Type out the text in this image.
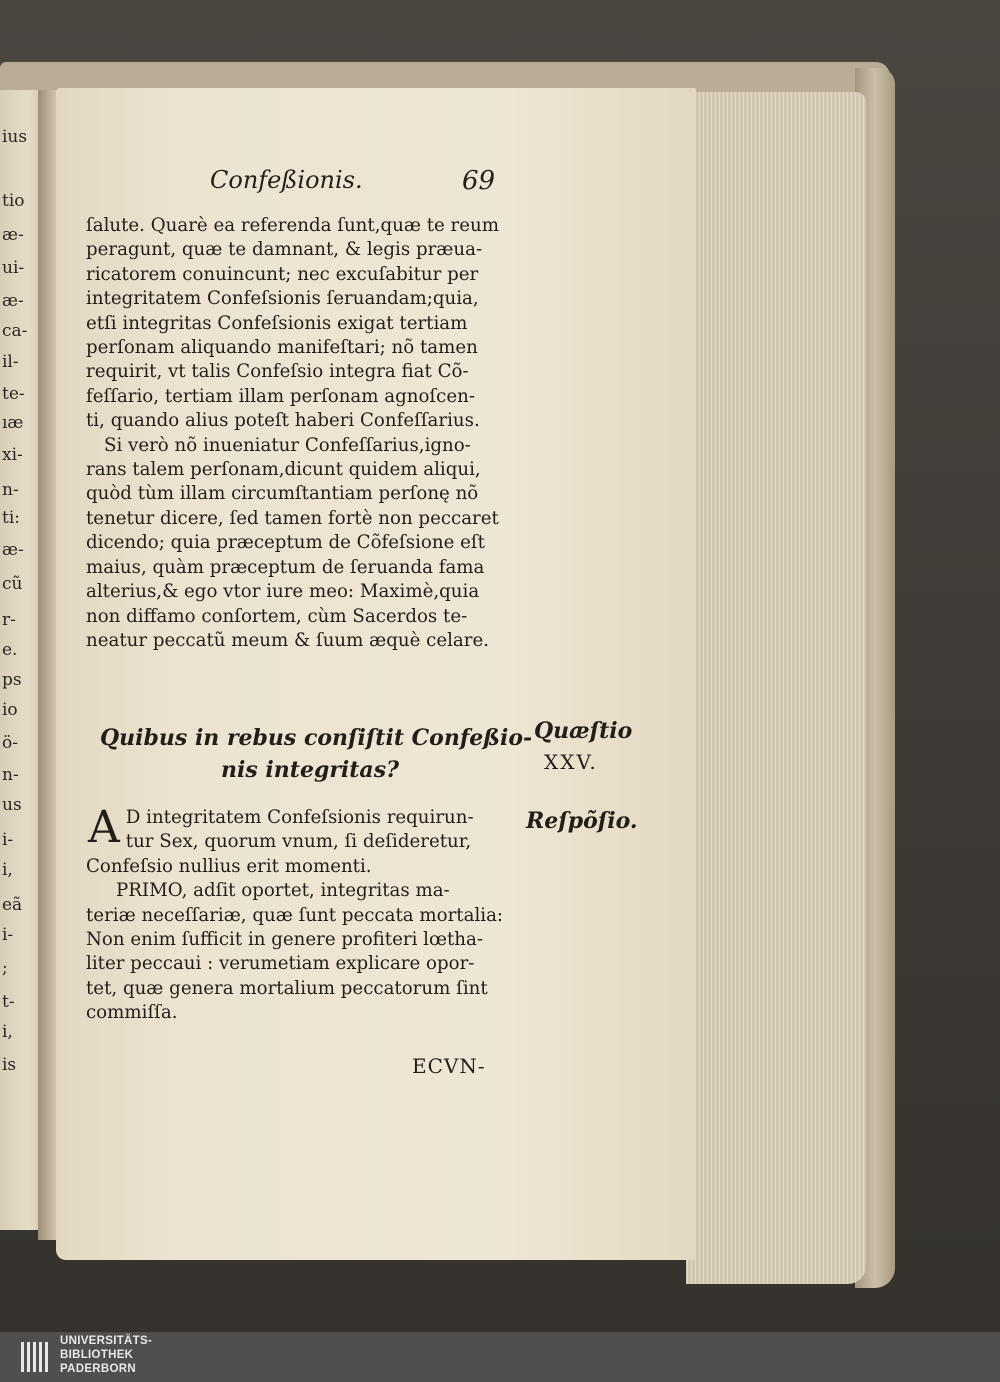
ius
tio
æ-
ui-
æ-
ca-
il-
te-
ıæ
xi-
n-
ti:
æ-
cũ
r-
e.
ps
io
ö-
n-
us
i-
i,
eã
i-
;
t-
i,
is
Confeßionis.	69
ſalute. Quarè ea referenda ſunt,quæ te reum
peragunt, quæ te damnant, & legis præua-
ricatorem conuincunt; nec excuſabitur per
integritatem Confeſsionis ſeruandam;quia,
etſi integritas Confeſsionis exigat tertiam
perſonam aliquando manifeſtari; nõ tamen
requirit, vt talis Confeſsio integra fiat Cõ-
feſſario, tertiam illam perſonam agnoſcen-
ti, quando alius poteſt haberi Confeſſarius.
Si verò nõ inueniatur Confeſſarius,igno-
rans talem perſonam,dicunt quidem aliqui,
quòd tùm illam circumſtantiam perſonę nõ
tenetur dicere, ſed tamen fortè non peccaret
dicendo; quia præceptum de Cõfeſsione eſt
maius, quàm præceptum de ſeruanda fama
alterius,& ego vtor iure meo: Maximè,quia
non diffamo conſortem, cùm Sacerdos te-
neatur peccatũ meum & ſuum æquè celare.
Quibus in rebus conſiſtit Confeßio-
nis integritas?
Quæſtio
XXV.
Reſpõſio.
A D integritatem Confeſsionis requirun-
tur Sex, quorum vnum, ſi deſideretur,
Confeſsio nullius erit momenti.
PRIMO, adſit oportet, integritas ma-
teriæ neceſſariæ, quæ ſunt peccata mortalia:
Non enim ſufficit in genere profiteri lœtha-
liter peccaui : verumetiam explicare opor-
tet, quæ genera mortalium peccatorum ſint
commiſſa.
ECVN-
UNIVERSITÄTS-
BIBLIOTHEK
PADERBORN
